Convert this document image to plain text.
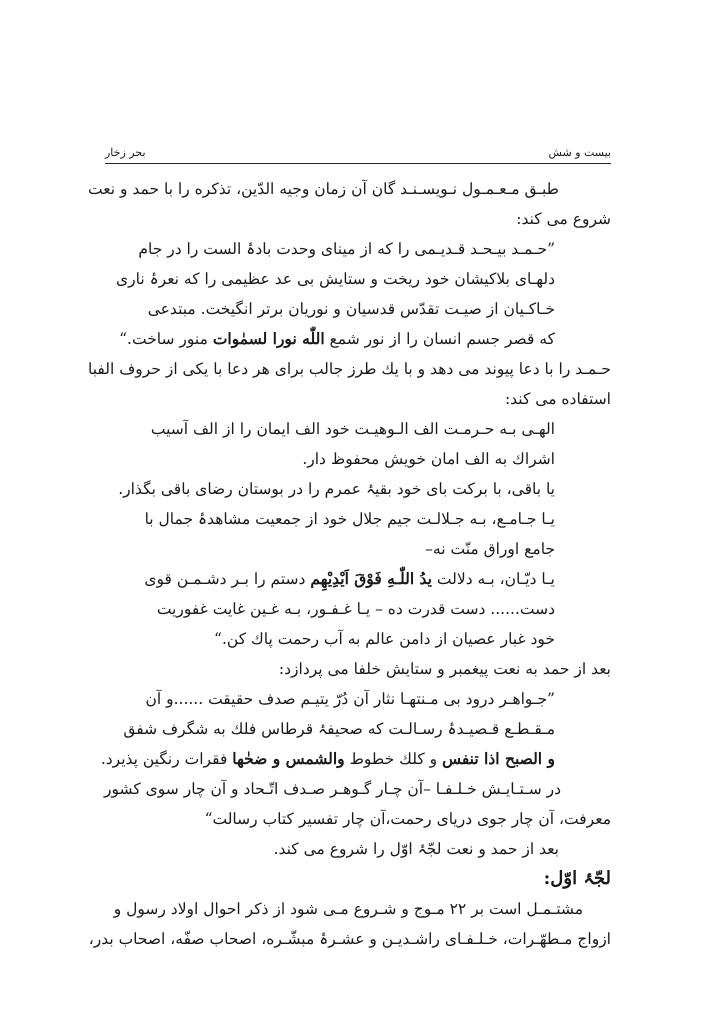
بیست و شش
بحر زخار
طبـق مـعـمـول نـویسـنـد گان آن زمان وجیه الدّین، تذکره را با حمد و نعت
شروع می کند:
”حـمـد بیـحـد قـدیـمی را که از مینای وحدت بادۂ الست را در جام
دلهـای بلاکیشان خود ریخت و ستایش بی عد عظیمی را که نعرۂ ناری
خـاکـیان از صیـت تقدّس قدسیان و نوریان برتر انگیخت. مبتدعی
که قصر جسم انسان را از نور شمع اللّٰه نورا لسمٰوات منور ساخت.“
حـمـد را با دعا پیوند می دهد و با یك طرز جالب برای هر دعا با یکی از حروف الفبا
استفاده می کند:
الهـی بـه حـرمـت الف الـوهیـت خود الف ایمان را از الف آسیب
اشراك به الف امان خویش محفوظ دار.
یا باقی، با برکت بای خود بقیۂ عمرم را در بوستان رضای باقی بگذار.
یـا جـامـع، بـه جـلالـت جیم جلال خود از جمعیت مشاهدۂ جمال با
جامع اوراق منّت نه–
یـا دیّـان، بـه دلالت یدُ اللّٰـهِ فَوْقَ اَیْدِیْهِم دستم را بـر دشـمـن قوی
دست...... دست قدرت ده – یـا غـفـور، بـه غـین غایت غفوریت
خود غبار عصیان از دامن عالم به آب رحمت پاك کن.“
بعد از حمد به نعت پیغمبر و ستایش خلفا می پردازد:
”جـواهـر درود بی مـنتهـا نثار آن دُرّ یتیـم صدف حقیقت ......و آن
مـقـطـع قـصیـدۂ رسـالـت که صحیفۂ قرطاس فلك به شگرف شفق
و الصبح اذا تنفس و کلك خطوط والشمس و ضحٰها فقرات رنگین پذیرد.
در سـتـایـش خـلـفـا –آن چـار گـوهـر صـدف اتّـحاد و آن چار سوی کشور
معرفت، آن چار جوی دریای رحمت،آن چار تفسیر کتاب رسالت“
بعد از حمد و نعت لجّۂ اوّل را شروع می کند.
لجّۂ اوّل:
مشتـمـل است بر ۲۲ مـوج و شـروع مـی شود از ذکر احوال اولاد رسول و
ازواج مـطهّـرات، خـلـفـای راشـدیـن و عشـرۂ مبشّـره، اصحاب صفّه، اصحاب بدر،
